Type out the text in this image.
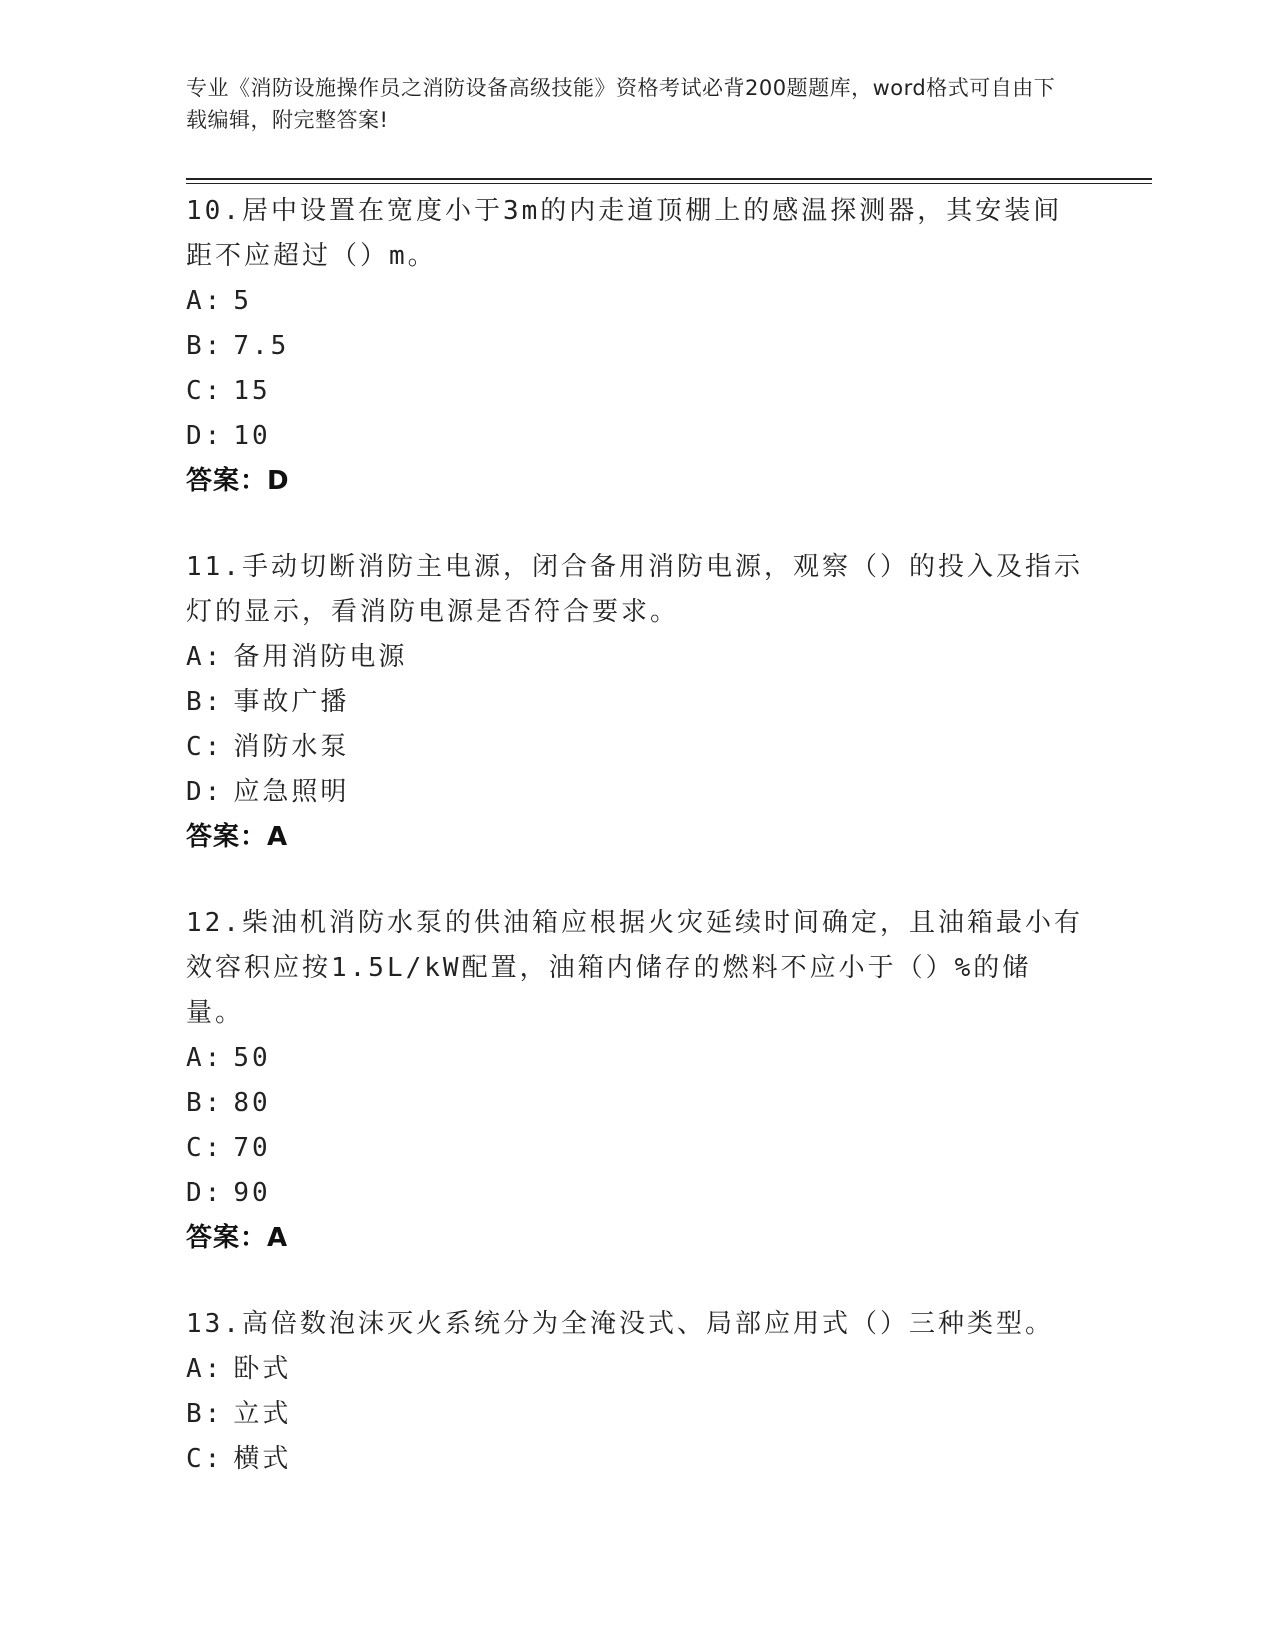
专业《消防设施操作员之消防设备高级技能》资格考试必背200题题库，word格式可自由下载编辑，附完整答案!

10.居中设置在宽度小于3m的内走道顶棚上的感温探测器，其安装间距不应超过（）m。

A: 5
B: 7.5
C: 15
D: 10
答案：D

11.手动切断消防主电源，闭合备用消防电源，观察（）的投入及指示灯的显示，看消防电源是否符合要求。

A: 备用消防电源
B: 事故广播
C: 消防水泵
D: 应急照明
答案：A

12.柴油机消防水泵的供油箱应根据火灾延续时间确定，且油箱最小有效容积应按1.5L/kW配置，油箱内储存的燃料不应小于（）%的储量。

A: 50
B: 80
C: 70
D: 90
答案：A

13.高倍数泡沫灭火系统分为全淹没式、局部应用式（）三种类型。

A: 卧式
B: 立式
C: 横式
